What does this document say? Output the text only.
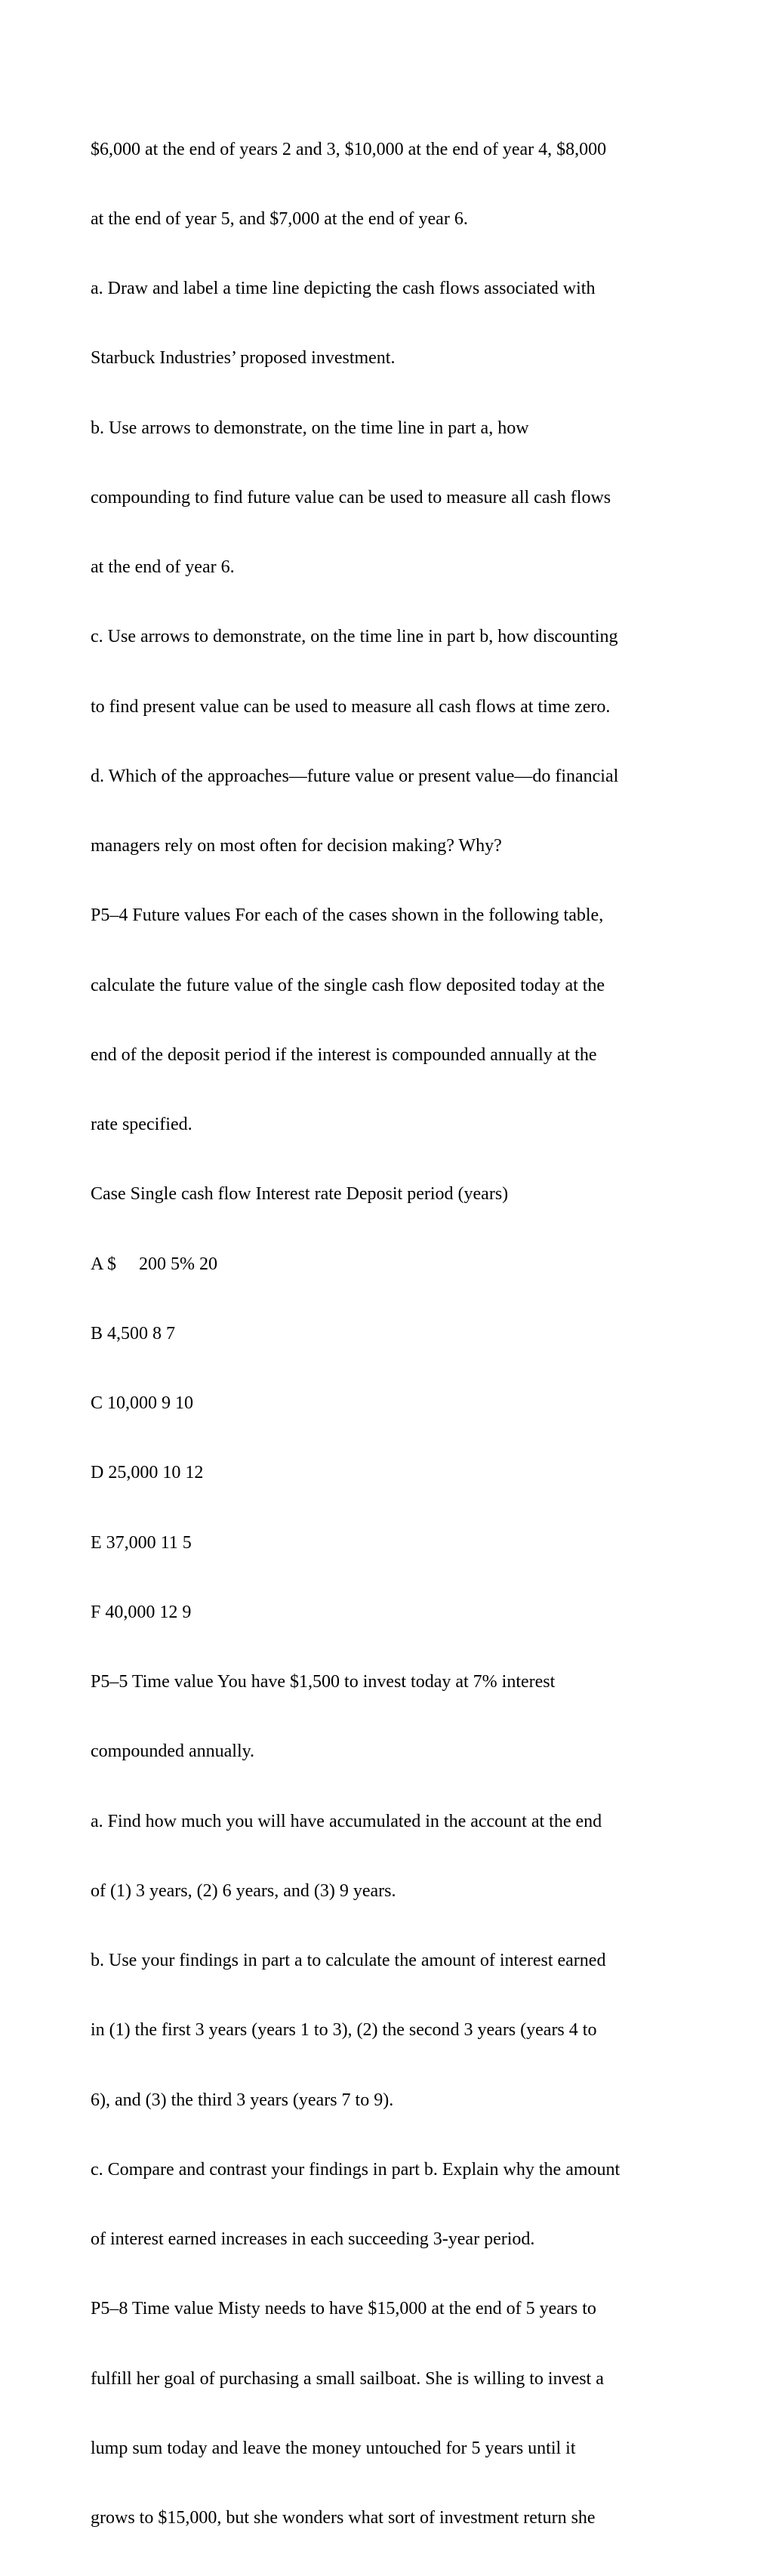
$6,000 at the end of years 2 and 3, $10,000 at the end of year 4, $8,000

at the end of year 5, and $7,000 at the end of year 6.

a. Draw and label a time line depicting the cash flows associated with

Starbuck Industries’ proposed investment.

b. Use arrows to demonstrate, on the time line in part a, how

compounding to find future value can be used to measure all cash flows

at the end of year 6.

c. Use arrows to demonstrate, on the time line in part b, how discounting

to find present value can be used to measure all cash flows at time zero.

d. Which of the approaches—future value or present value—do financial

managers rely on most often for decision making? Why?

P5–4 Future values For each of the cases shown in the following table,

calculate the future value of the single cash flow deposited today at the

end of the deposit period if the interest is compounded annually at the

rate specified.

Case Single cash flow Interest rate Deposit period (years)

A $     200 5% 20

B 4,500 8 7

C 10,000 9 10

D 25,000 10 12

E 37,000 11 5

F 40,000 12 9

P5–5 Time value You have $1,500 to invest today at 7% interest

compounded annually.

a. Find how much you will have accumulated in the account at the end

of (1) 3 years, (2) 6 years, and (3) 9 years.

b. Use your findings in part a to calculate the amount of interest earned

in (1) the first 3 years (years 1 to 3), (2) the second 3 years (years 4 to

6), and (3) the third 3 years (years 7 to 9).

c. Compare and contrast your findings in part b. Explain why the amount

of interest earned increases in each succeeding 3-year period.

P5–8 Time value Misty needs to have $15,000 at the end of 5 years to

fulfill her goal of purchasing a small sailboat. She is willing to invest a

lump sum today and leave the money untouched for 5 years until it

grows to $15,000, but she wonders what sort of investment return she
